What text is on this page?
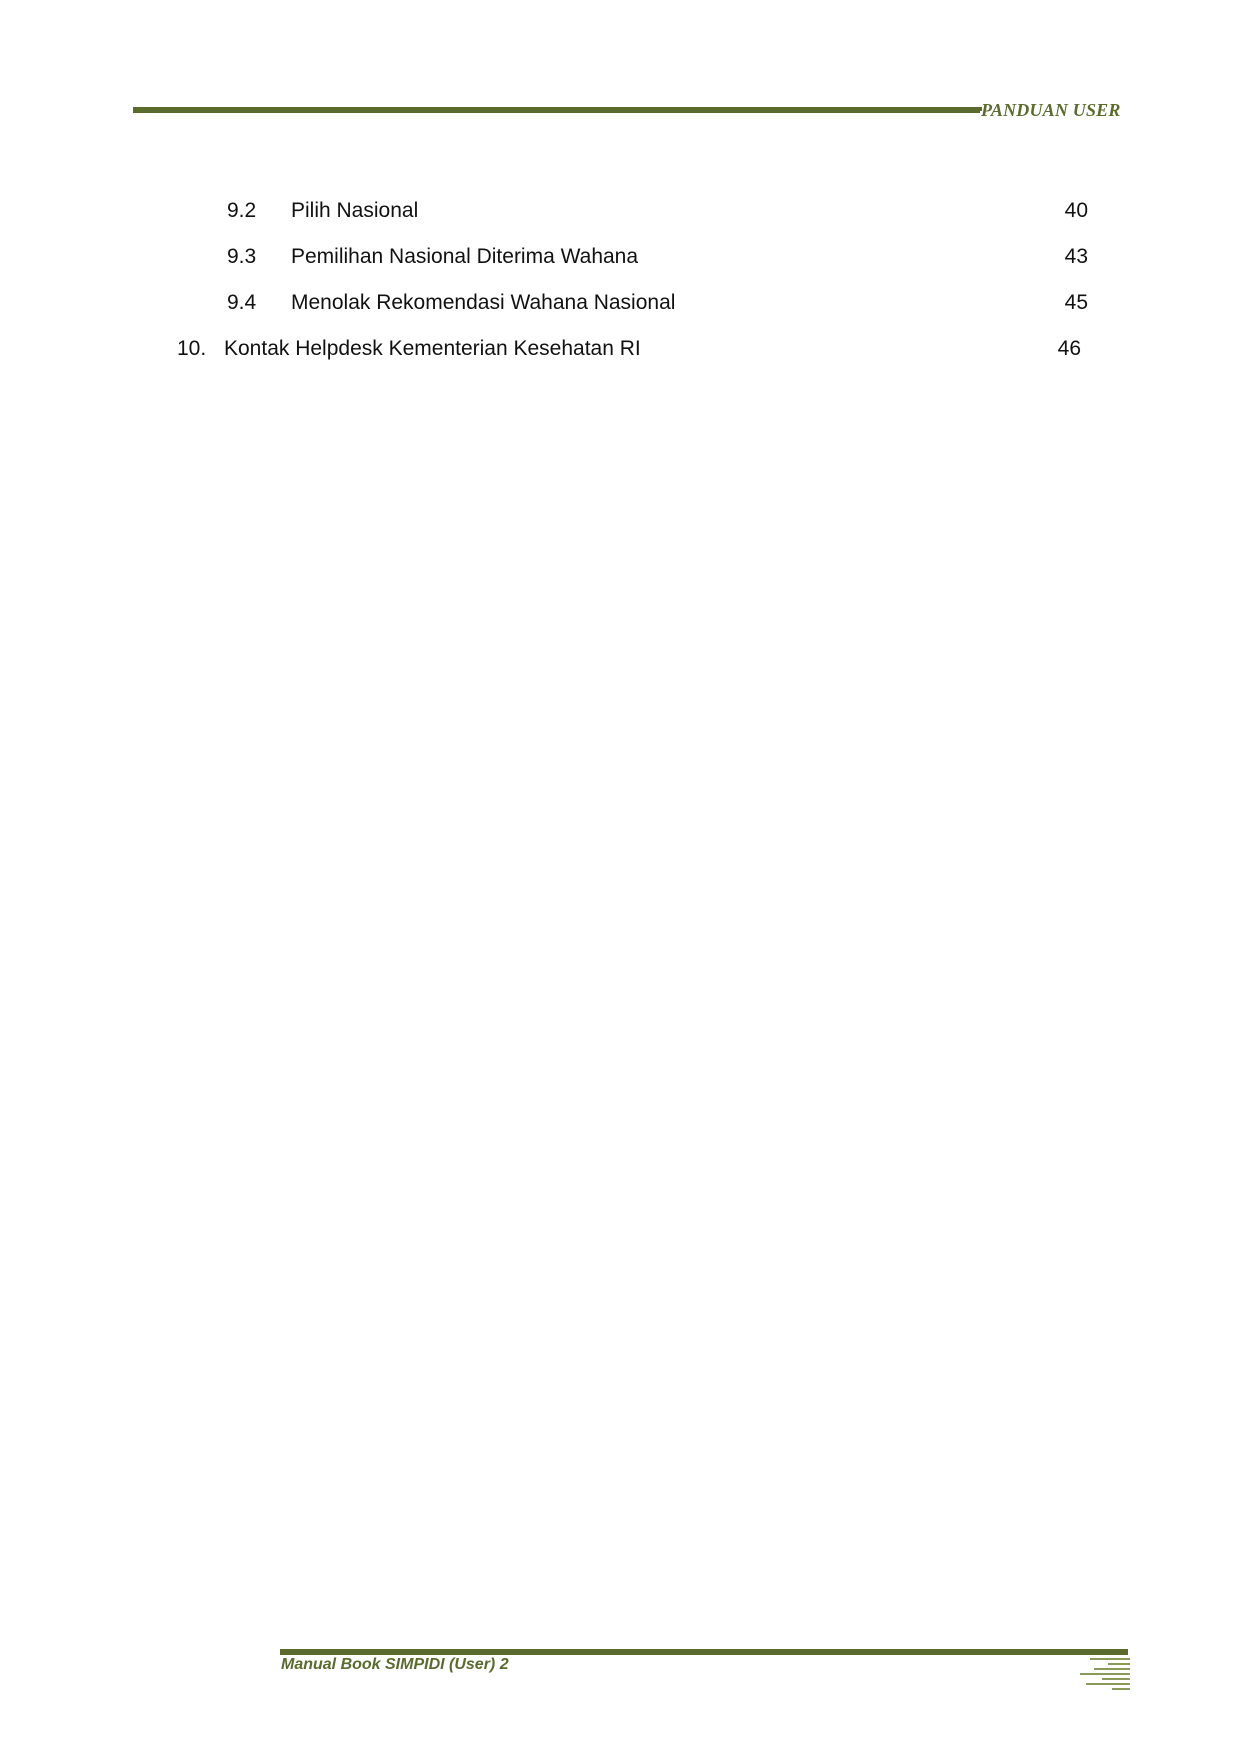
PANDUAN USER
9.2 Pilih Nasional	40
9.3 Pemilihan Nasional Diterima Wahana	43
9.4 Menolak Rekomendasi Wahana Nasional	45
10. Kontak Helpdesk Kementerian Kesehatan RI	46
Manual Book SIMPIDI (User) 2
